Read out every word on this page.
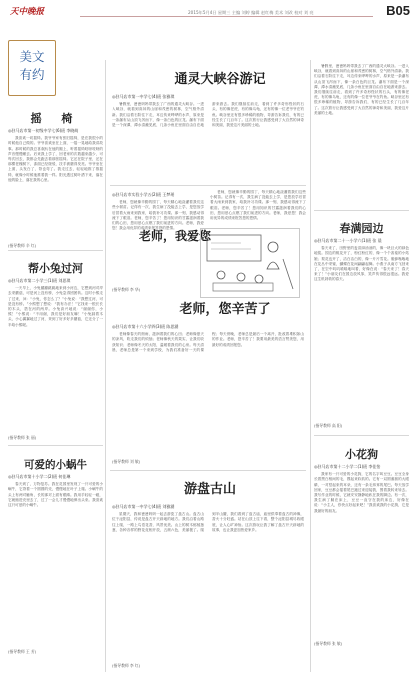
天中晚报	2015年5月4日 星期三 主编 刘婷 编辑 赵红梅 美术 刘改 校对 刘 亮	B05
美文
有约
摇 椅
◎驻马店市第一初级中学七(6)班 李晓萌
我喜欢一切摇椅。我爷爷家有张旧摇椅，是在我很小的时候他自己做的。爷爷喜欢坐在上面，一摇一晃地给我讲故事。那时候的我总喜欢趴在他的腿上，听着摇椅吱呀吱呀的声音慢慢睡去。后来我上学了，回老家的次数越来越少，可每次回去，我都会先跑去看那张摇椅。它还在院子里，还在那棵老槐树下，漆面已经斑驳，扶手被磨得发亮。爷爷坐在上面，头发白了，背也弯了。我走过去，轻轻地推了推摇椅，就像小时候他推着我一样。阳光透过树叶洒下来，落在他的脸上，落在我的心里。
(指导教师 辛 红)
帮小兔过河
◎驻马店市第二小学三(1)班 刘思琪
一天早上，小兔蹦蹦跳跳地来到小河边，它想到河对岸去采蘑菇，可是河上没有桥，小兔急得团团转。这时小熊走了过来，问：“小兔，你怎么了？”小兔说：“我想过河，可是没有桥。”小熊想了想说：“我有办法！”它找来一根长长的木头，搭在河的两岸。小兔高兴地说：“谢谢你，小熊！”小熊说：“不用谢，我们是好朋友嘛！”小兔踩着木头，小心翼翼地过了河，采到了好多好多蘑菇，它还分了一半给小熊呢。
(指导教师 张 丽)
可爱的小蜗牛
◎驻马店市第十小学二(2)班 何佳琳
春天到了，万物复苏。我在花园里发现了一只可爱的小蜗牛，它背着一个圆圆的壳，慢慢地在叶子上爬。小蜗牛的头上有两对触角，长的那对上面有眼睛。我用手轻轻一碰，它就缩进壳里去了，过了一会儿才慢慢地伸出头来。我喜欢这只可爱的小蜗牛。
(指导教师 王 芳)
通灵大峡谷游记
◎驻马店市第一中学七(4)班 张雅琪
暑假里，爸爸妈妈带我去了广西的通灵大峡谷。一进入峡谷，就看到高耸的山崖和茂密的树林，空气格外清新。我们沿着石阶往下走，耳边传来哗哗的水声，原来是一条瀑布从山顶飞泻而下，像一条白色的巨龙。瀑布下面是一个深潭，潭水清澈见底，几条小鱼在里面自由自在地游来游去。我们继续往前走，看到了许多奇形怪状的石头，有的像老虎，有的像乌龟，还有的像一位老爷爷在钓鱼。峡谷里还有很多珍稀的植物，导游告诉我们，有的已经生长了几百年了。这次旅行让我感受到了大自然的神奇和美丽，我爱这片美丽的土地。
◎驻马店市实验小学五(2)班 王梦瑶
老师，您就像辛勤的园丁，每天精心地浇灌着我们这些小树苗。记得有一次，我生病了没能去上学，是您放学后冒着大雨来到我家，给我补习功课。那一刻，我感动得流下了眼泪。老师，您辛苦了！您用知识的甘露滋润着我们的心田，您用爱心点燃了我们前进的方向。老师，我爱您！我会用优异的成绩来报答您的恩情。
(指导教师 李 华)
老师，我爱您
老师，您就像辛勤的园丁，每天精心地浇灌着我们这些小树苗。记得有一次，我生病了没能去上学，是您放学后冒着大雨来到我家，给我补习功课。那一刻，我感动得流下了眼泪。老师，您辛苦了！您用知识的甘露滋润着我们的心田，您用爱心点燃了我们前进的方向。老师，我爱您！我会用优异的成绩来报答您的恩情。
老师，您辛苦了
◎驻马店市第十六小学四(3)班 陈思涵
老师像春天的细雨，滋润着我们的心田；老师像夏天的凉风，吹走我们的烦恼；老师像秋天的果实，让我们收获知识；老师像冬天的太阳，温暖着我们的心房。每天清晨，老师总是第一个来到学校，为我们准备好一天的课程；每天傍晚，老师总是最后一个离开，批改着堆积如山的作业。老师，您辛苦了！我要用最美的语言赞美您，用最好的成绩回报您。
(指导教师 刘 敏)
游盘古山
◎驻马店市第一中学七(4)班 刘雅涵
星期天，我和爸爸妈妈一起去游览了盘古山。盘古山位于泌阳县，传说是盘古开天辟地的地方。我们沿着山路往上爬，一路上鸟语花香，风景优美。山上的树木郁郁葱葱，各种各样的野花竞相开放，五颜六色，美丽极了。爬到半山腰，我们看到了盘古庙，庙里供奉着盘古的神像，香火十分旺盛。站在山顶上往下看，整个泌阳县城尽收眼底，让人心旷神怡。这次游玩让我了解了盘古开天辟地的故事，也让我更加热爱家乡。
(指导教师 李 红)
暑假里，爸爸妈妈带我去了广西的通灵大峡谷。一进入峡谷，就看到高耸的山崖和茂密的树林，空气格外清新。我们沿着石阶往下走，耳边传来哗哗的水声，原来是一条瀑布从山顶飞泻而下，像一条白色的巨龙。瀑布下面是一个深潭，潭水清澈见底，几条小鱼在里面自由自在地游来游去。我们继续往前走，看到了许多奇形怪状的石头，有的像老虎，有的像乌龟，还有的像一位老爷爷在钓鱼。峡谷里还有很多珍稀的植物，导游告诉我们，有的已经生长了几百年了。这次旅行让我感受到了大自然的神奇和美丽，我爱这片美丽的土地。
春满园边
◎驻马店市第二十一小学六(1)班 张 晨
春天来了，田野里的麦苗绿油油的，像一块巨大的绿色地毯。园边的桃花开了，粉红粉红的，像一个个害羞的小姑娘；梨花也开了，洁白洁白的，像一片片雪花。蜜蜂嗡嗡地在花丛中采蜜，蝴蝶在花间翩翩起舞。小燕子从南方飞回来了，在空中叽叽喳喳地叫着，好像在说：“春天来了！春天来了！”小朋友们在园边放风筝，笑声传得很远很远。我爱这生机勃勃的春天。
(指导教师 高 阳)
小花狗
◎驻马店市第十二小学二(1)班 李佳怡
我家有一只可爱的小花狗，它的名字叫豆豆。豆豆全身长着黑白相间的毛，摸起来软软的。它有一双圆溜溜的大眼睛，一对竖起来的耳朵，还有一条毛茸茸的尾巴。每天放学回家，豆豆都会摇着尾巴跑过来迎接我，围着我转来转去。我写作业的时候，它就安安静静地趴在我的脚边。有一次，我生病了躺在床上，豆豆一直守在我的床边，好像在说：“小主人，你快点好起来吧！”我喜欢我的小花狗，它是我最好的朋友。
(指导教师 张 敏)
